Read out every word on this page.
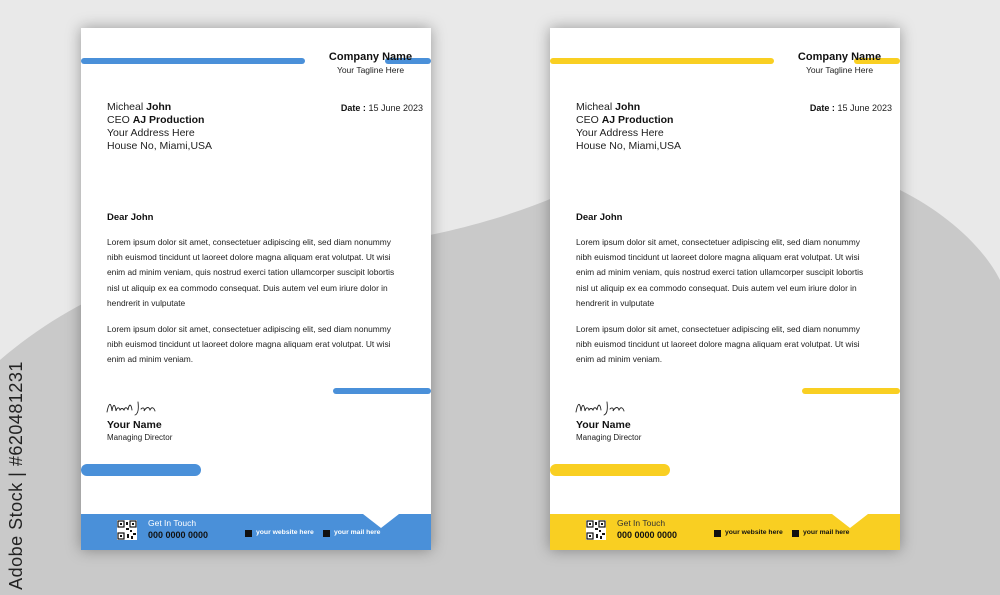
Adobe Stock | #620481231
Company Name
Your Tagline Here
Micheal John
CEO AJ Production
Your Address Here
House No, Miami,USA
Date : 15 June 2023
Dear John
Lorem ipsum dolor sit amet, consectetuer adipiscing elit, sed diam nonummy nibh euismod tincidunt ut laoreet dolore magna aliquam erat volutpat. Ut wisi enim ad minim veniam, quis nostrud exerci tation ullamcorper suscipit lobortis nisl ut aliquip ex ea commodo consequat. Duis autem vel eum iriure dolor in hendrerit in vulputate
Lorem ipsum dolor sit amet, consectetuer adipiscing elit, sed diam nonummy nibh euismod tincidunt ut laoreet dolore magna aliquam erat volutpat. Ut wisi enim ad minim veniam.
Your Name
Managing Director
Get In Touch
000 0000 0000	your website here	your mail here
Company Name
Your Tagline Here
Micheal John
CEO AJ Production
Your Address Here
House No, Miami,USA
Date : 15 June 2023
Dear John
Lorem ipsum dolor sit amet, consectetuer adipiscing elit, sed diam nonummy nibh euismod tincidunt ut laoreet dolore magna aliquam erat volutpat. Ut wisi enim ad minim veniam, quis nostrud exerci tation ullamcorper suscipit lobortis nisl ut aliquip ex ea commodo consequat. Duis autem vel eum iriure dolor in hendrerit in vulputate
Lorem ipsum dolor sit amet, consectetuer adipiscing elit, sed diam nonummy nibh euismod tincidunt ut laoreet dolore magna aliquam erat volutpat. Ut wisi enim ad minim veniam.
Your Name
Managing Director
Get In Touch
000 0000 0000	your website here	your mail here
